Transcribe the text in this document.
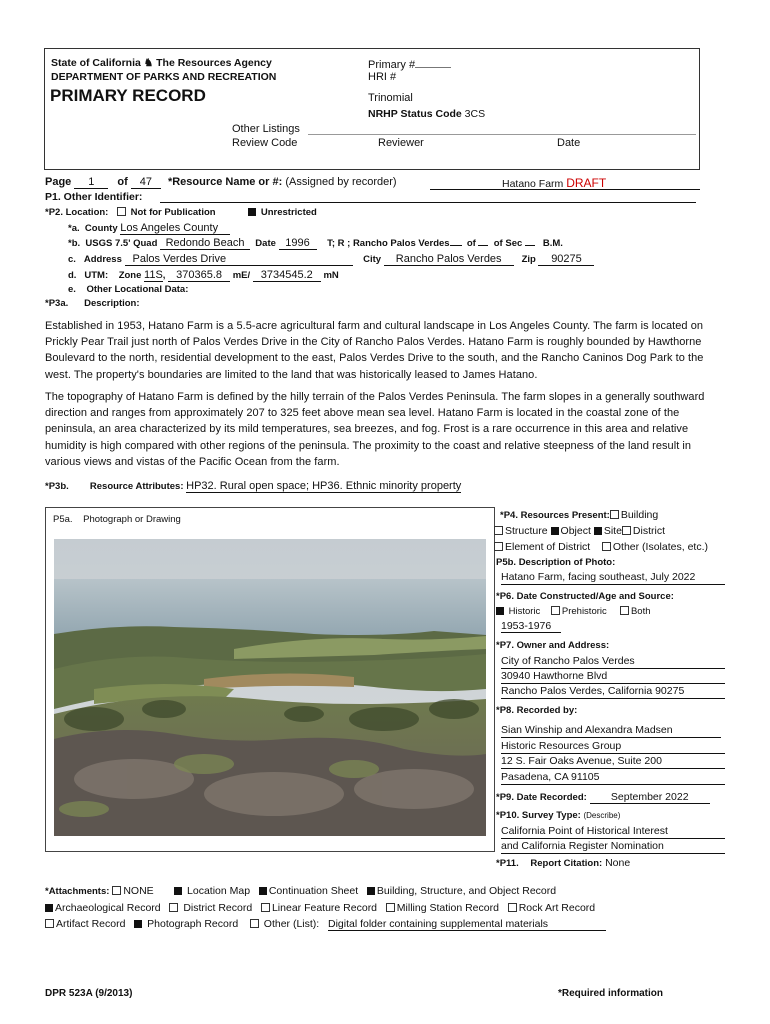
State of California ♞ The Resources Agency
DEPARTMENT OF PARKS AND RECREATION
PRIMARY RECORD
Primary #
HRI #
Trinomial
NRHP Status Code 3CS
Other Listings
Review Code	Reviewer	Date
Page 1 of 47 *Resource Name or #: (Assigned by recorder)	Hatano Farm DRAFT
P1. Other Identifier:
*P2. Location: Not for Publication	Unrestricted
*a. County Los Angeles County
*b. USGS 7.5' Quad Redondo Beach Date 1996 T; R ; Rancho Palos Verdes of of Sec B.M.
c. Address Palos Verdes Drive	City Rancho Palos Verdes Zip 90275
d. UTM: Zone 11S, 370365.8 mE/ 3734545.2 mN
e. Other Locational Data:
*P3a. Description:
Established in 1953, Hatano Farm is a 5.5-acre agricultural farm and cultural landscape in Los Angeles County. The farm is located on Prickly Pear Trail just north of Palos Verdes Drive in the City of Rancho Palos Verdes. Hatano Farm is roughly bounded by Hawthorne Boulevard to the north, residential development to the east, Palos Verdes Drive to the south, and the Rancho Caninos Dog Park to the west. The property's boundaries are limited to the land that was historically leased to James Hatano.
The topography of Hatano Farm is defined by the hilly terrain of the Palos Verdes Peninsula. The farm slopes in a generally southward direction and ranges from approximately 207 to 325 feet above mean sea level. Hatano Farm is located in the coastal zone of the peninsula, an area characterized by its mild temperatures, sea breezes, and fog. Frost is a rare occurrence in this area and relative humidity is high compared with other regions of the peninsula. The proximity to the coast and relative steepness of the land result in various views and vistas of the Pacific Ocean from the farm.
*P3b. Resource Attributes: HP32. Rural open space; HP36. Ethnic minority property
P5a. Photograph or Drawing	*P4. Resources Present: Building
Structure Object Site District
Element of District Other (Isolates, etc.)
P5b. Description of Photo:
Hatano Farm, facing southeast, July 2022
*P6. Date Constructed/Age and Source:
Historic Prehistoric	Both
1953-1976
*P7. Owner and Address:
City of Rancho Palos Verdes
30940 Hawthorne Blvd
Rancho Palos Verdes, California 90275
*P8. Recorded by:
Sian Winship and Alexandra Madsen
Historic Resources Group
12 S. Fair Oaks Avenue, Suite 200
Pasadena, CA 91105
*P9. Date Recorded: September 2022
*P10. Survey Type: (Describe)
California Point of Historical Interest
and California Register Nomination
*P11. Report Citation: None
*Attachments: NONE	Location Map Continuation Sheet Building, Structure, and Object Record
Archaeological Record District Record Linear Feature Record Milling Station Record Rock Art Record
Artifact Record Photograph Record Other (List): Digital folder containing supplemental materials
DPR 523A (9/2013)	*Required information
